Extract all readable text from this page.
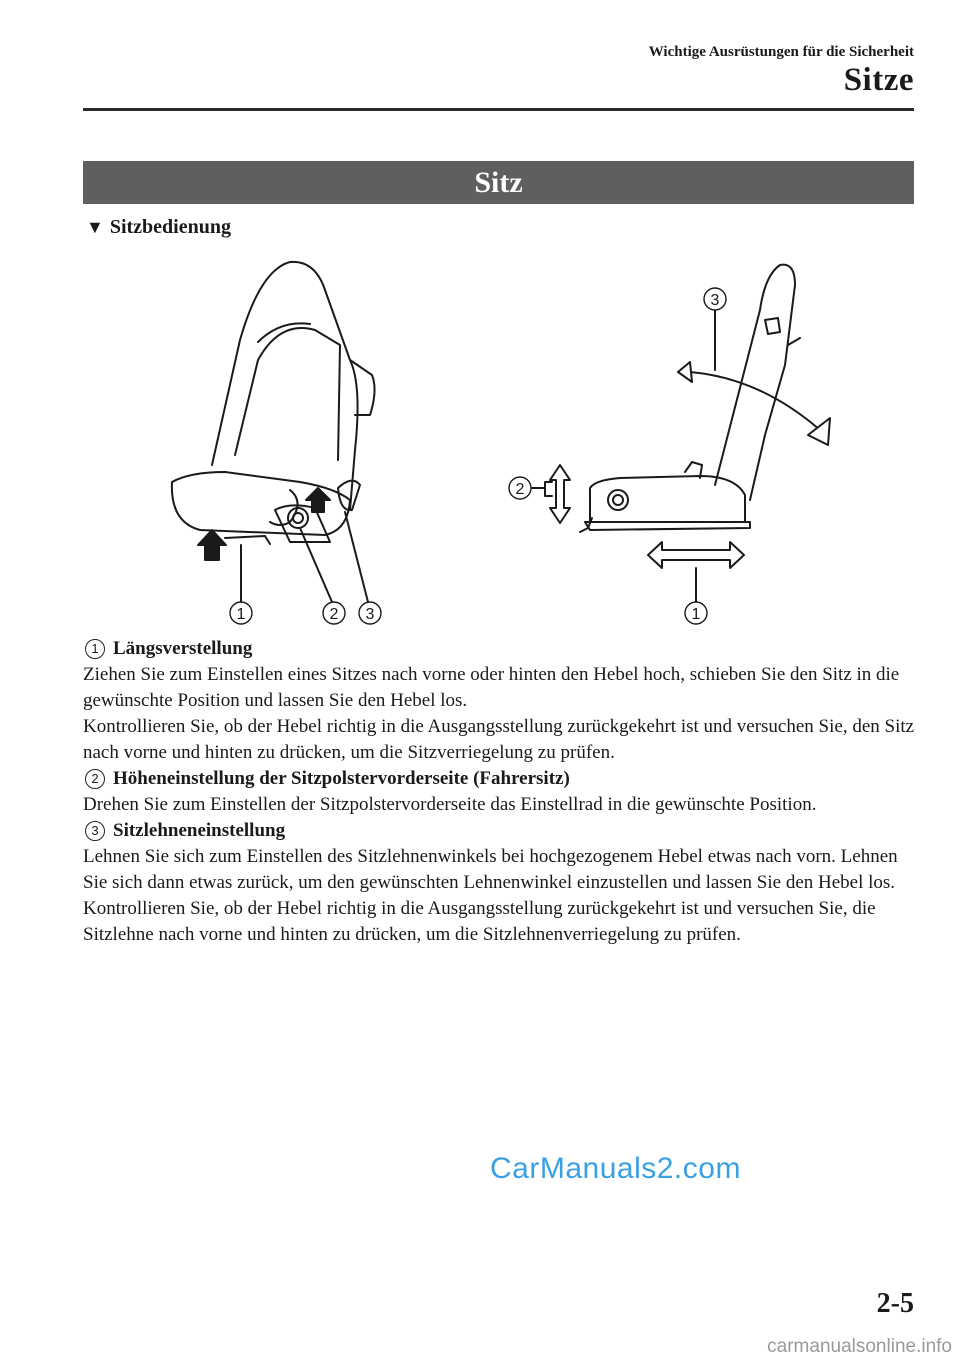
Wichtige Ausrüstungen für die Sicherheit
Sitze
Sitz
▼ Sitzbedienung
1	2 3	1
2
3
1 Längsverstellung

Ziehen Sie zum Einstellen eines Sitzes nach vorne oder hinten den Hebel hoch, schieben Sie den Sitz in die gewünschte Position und lassen Sie den Hebel los.

Kontrollieren Sie, ob der Hebel richtig in die Ausgangsstellung zurückgekehrt ist und versuchen Sie, den Sitz nach vorne und hinten zu drücken, um die Sitzverriegelung zu prüfen.

2 Höheneinstellung der Sitzpolstervorderseite (Fahrersitz)

Drehen Sie zum Einstellen der Sitzpolstervorderseite das Einstellrad in die gewünschte Position.

3 Sitzlehneneinstellung

Lehnen Sie sich zum Einstellen des Sitzlehnenwinkels bei hochgezogenem Hebel etwas nach vorn. Lehnen Sie sich dann etwas zurück, um den gewünschten Lehnenwinkel einzustellen und lassen Sie den Hebel los.

Kontrollieren Sie, ob der Hebel richtig in die Ausgangsstellung zurückgekehrt ist und versuchen Sie, die Sitzlehne nach vorne und hinten zu drücken, um die Sitzlehnenverriegelung zu prüfen.

CarManuals2.com
2-5
carmanualsonline.info
